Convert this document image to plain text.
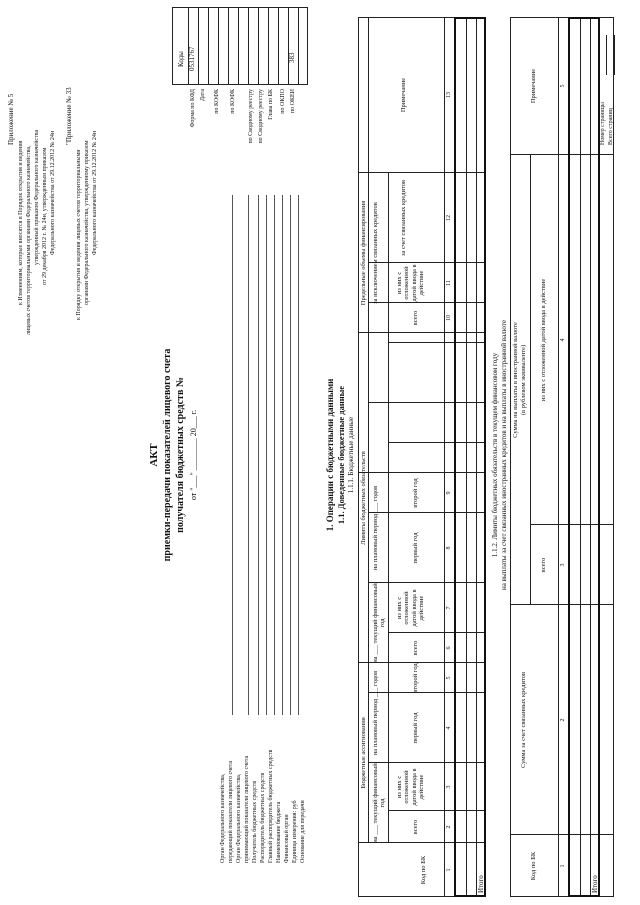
Приложение № 5
к Изменениям, которые вносятся в Порядок открытия и ведения лицевых счетов территориальными органами Федерального казначейства, утвержденный приказом Федерального казначейства от 29 декабря 2012 г. № 24н, утвержденным приказом Федерального казначейства от 29.12.2012 № 24н
"Приложение № 33
к Порядку открытия и ведения лицевых счетов территориальными органами Федерального казначейства, утвержденному приказом Федерального казначейства от 29.12.2012 № 24н
Коды 0531767	383
Форма по КФД Дата по КОФК по КОФК по Сводному реестру по Сводному реестру Глава по БК по ОКПО по ОКЕИ
АКТ приемки-передачи показателей лицевого счета получателя бюджетных средств № от "___" ________ 20___ г.
Орган Федерального казначейства, передающий показатели лицевого счета Орган Федерального казначейства, принимающий показатели лицевого счета Получатель бюджетных средств Распорядитель бюджетных средств Главный распорядитель бюджетных средств Наименование бюджета Финансовый орган Единица измерения: руб Основание для передачи
1. Операции с бюджетными данными 1.1. Доведенные бюджетные данные 1.1.1. Бюджетные данные
Код по БК
Бюджетные ассигнования
Лимиты бюджетных обязательств
Предельные объемы финансирования
Примечание
на ___ текущий финансовый год
на плановый период ___ годов
на ___ текущий финансовый год
на плановый период ___ годов
за исключением связанных кредитов
всего
из них с отложенной датой ввода в действие
первый год
второй год
всего
из них с отложенной датой ввода в действие
первый год
второй год
всего
из них с отложенной датой ввода в действие
за счет связанных кредитов
1
2
3
4
5
6
7
8
9
10
11
12
13
Итого
1.1.2. Лимиты бюджетных обязательств в текущем финансовом году на выплаты за счет связанных иностранных кредитов и на выплаты в иностранной валюте
Код по БК
Сумма за счет связанных кредитов
Сумма на выплаты в иностранной валюте (в рублевом эквиваленте)
всего
из них с отложенной датой ввода в действие
Примечание
1
2
3
4
5
Итого
Номер страницы Всего страниц
